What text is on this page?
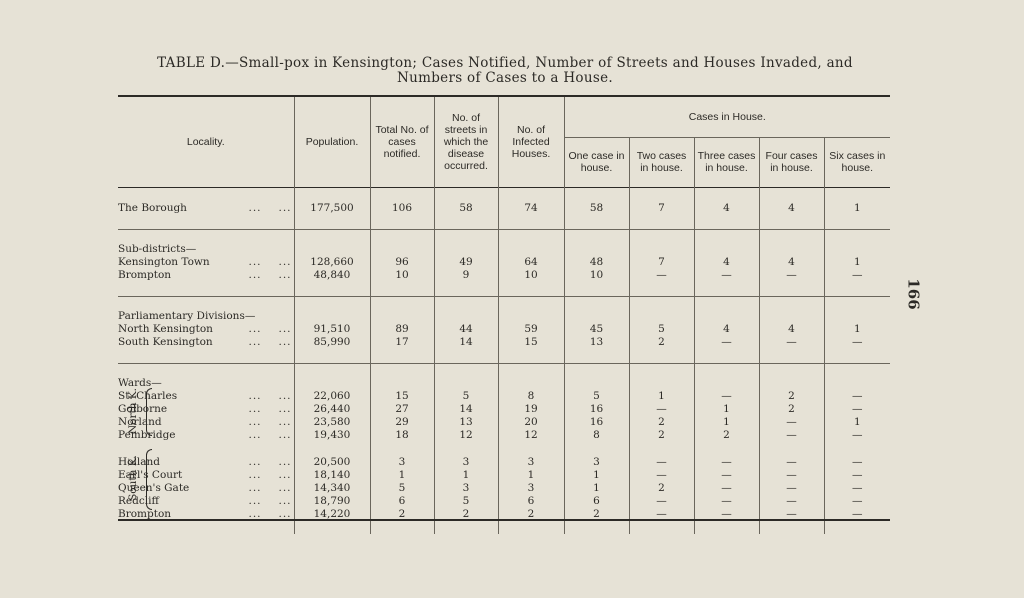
TABLE D.—Small-pox in Kensington; Cases Notified, Number of Streets and Houses Invaded, and
Numbers of Cases to a House.
166
Locality.	Population.	Total No. of cases notified.	No. of streets in which the disease occurred.	No. of Infected Houses.	Cases in House.				
					One case in house.	Two cases in house.	Three cases in house.	Four cases in house.	Six cases in house.

The Borough ... ...	177,500	106	58	74	58	7	4	4	1

Sub-districts—									
Kensington Town ... ...	128,660	96	49	64	48	7	4	4	1
Brompton ... ...	48,840	10	9	10	10	—	—	—	—

Parliamentary Divisions—									
North Kensington ... ...	91,510	89	44	59	45	5	4	4	1
South Kensington ... ...	85,990	17	14	15	13	2	—	—	—

Wards—									
St. Charles ... ...	22,060	15	5	8	5	1	—	2	—
Golborne ... ...	26,440	27	14	19	16	—	1	2	—
Norland ... ...	23,580	29	13	20	16	2	1	—	1
Pembridge ... ...	19,430	18	12	12	8	2	2	—	—

Holland ... ...	20,500	3	3	3	3	—	—	—	—
Earl's Court ... ...	18,140	1	1	1	1	—	—	—	—
Queen's Gate ... ...	14,340	5	3	3	1	2	—	—	—
Redcliff ... ...	18,790	6	5	6	6	—	—	—	—
Brompton ... ...	14,220	2	2	2	2	—	—	—	—

North K.
South K.
